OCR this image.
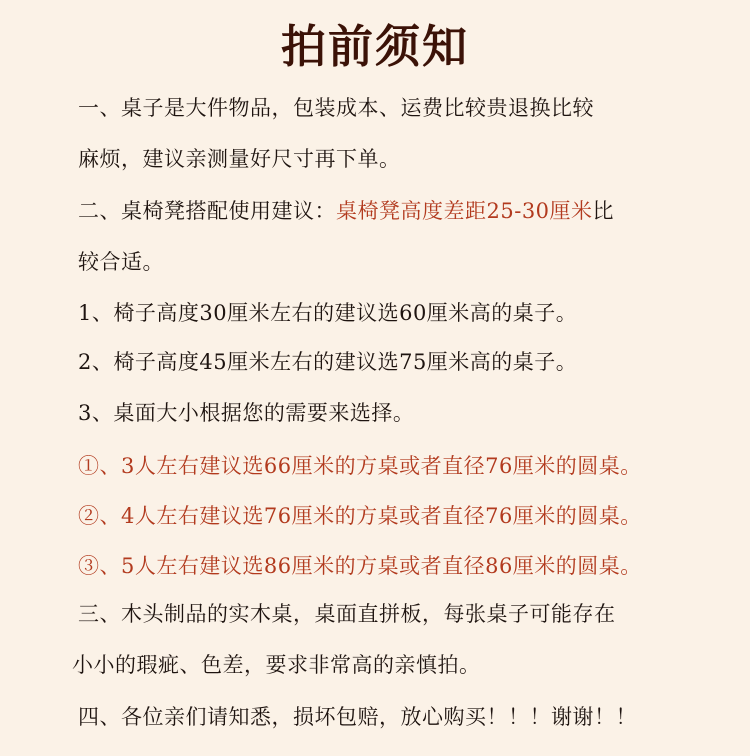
拍前须知
一、桌子是大件物品，包装成本、运费比较贵退换比较
麻烦，建议亲测量好尺寸再下单。
二、桌椅凳搭配使用建议：桌椅凳高度差距25-30厘米比
较合适。
1、椅子高度30厘米左右的建议选60厘米高的桌子。
2、椅子高度45厘米左右的建议选75厘米高的桌子。
3、桌面大小根据您的需要来选择。
①、3人左右建议选66厘米的方桌或者直径76厘米的圆桌。
②、4人左右建议选76厘米的方桌或者直径76厘米的圆桌。
③、5人左右建议选86厘米的方桌或者直径86厘米的圆桌。
三、木头制品的实木桌，桌面直拼板，每张桌子可能存在
小小的瑕疵、色差，要求非常高的亲慎拍。
四、各位亲们请知悉，损坏包赔，放心购买！！！谢谢！！
